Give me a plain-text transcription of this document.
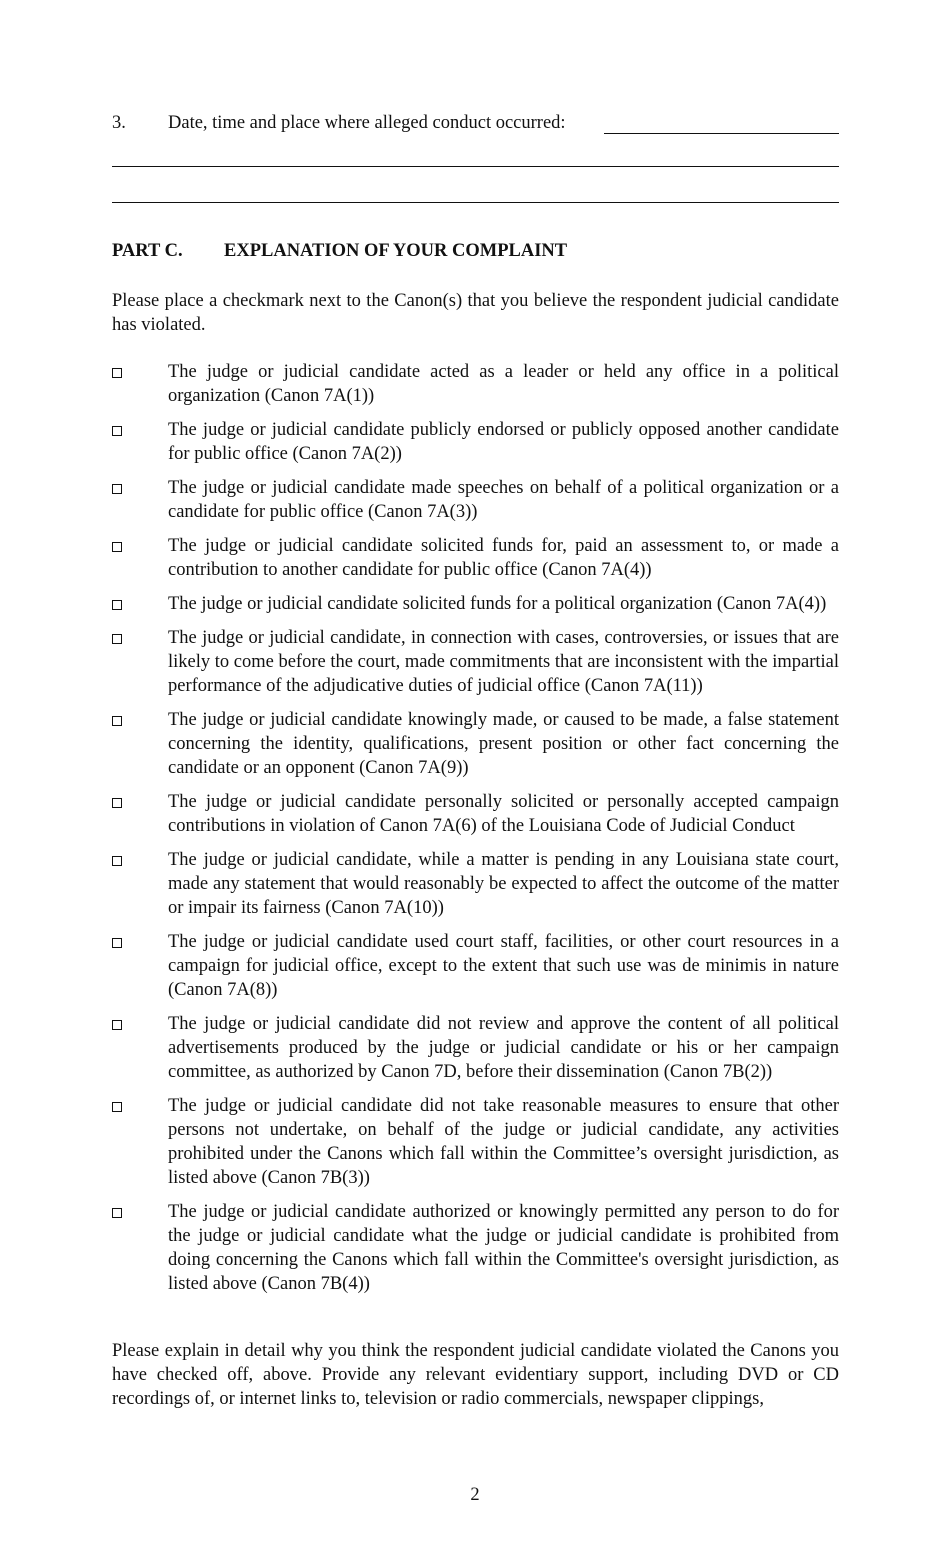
3. Date, time and place where alleged conduct occurred:
PART C. EXPLANATION OF YOUR COMPLAINT
Please place a checkmark next to the Canon(s) that you believe the respondent judicial candidate has violated.
The judge or judicial candidate acted as a leader or held any office in a political organization (Canon 7A(1))
The judge or judicial candidate publicly endorsed or publicly opposed another candidate for public office (Canon 7A(2))
The judge or judicial candidate made speeches on behalf of a political organization or a candidate for public office (Canon 7A(3))
The judge or judicial candidate solicited funds for, paid an assessment to, or made a contribution to another candidate for public office (Canon 7A(4))
The judge or judicial candidate solicited funds for a political organization (Canon 7A(4))
The judge or judicial candidate, in connection with cases, controversies, or issues that are likely to come before the court, made commitments that are inconsistent with the impartial performance of the adjudicative duties of judicial office (Canon 7A(11))
The judge or judicial candidate knowingly made, or caused to be made, a false statement concerning the identity, qualifications, present position or other fact concerning the candidate or an opponent (Canon 7A(9))
The judge or judicial candidate personally solicited or personally accepted campaign contributions in violation of Canon 7A(6) of the Louisiana Code of Judicial Conduct
The judge or judicial candidate, while a matter is pending in any Louisiana state court, made any statement that would reasonably be expected to affect the outcome of the matter or impair its fairness (Canon 7A(10))
The judge or judicial candidate used court staff, facilities, or other court resources in a campaign for judicial office, except to the extent that such use was de minimis in nature (Canon 7A(8))
The judge or judicial candidate did not review and approve the content of all political advertisements produced by the judge or judicial candidate or his or her campaign committee, as authorized by Canon 7D, before their dissemination (Canon 7B(2))
The judge or judicial candidate did not take reasonable measures to ensure that other persons not undertake, on behalf of the judge or judicial candidate, any activities prohibited under the Canons which fall within the Committee’s oversight jurisdiction, as listed above (Canon 7B(3))
The judge or judicial candidate authorized or knowingly permitted any person to do for the judge or judicial candidate what the judge or judicial candidate is prohibited from doing concerning the Canons which fall within the Committee's oversight jurisdiction, as listed above (Canon 7B(4))
Please explain in detail why you think the respondent judicial candidate violated the Canons you have checked off, above. Provide any relevant evidentiary support, including DVD or CD recordings of, or internet links to, television or radio commercials, newspaper clippings,
2
